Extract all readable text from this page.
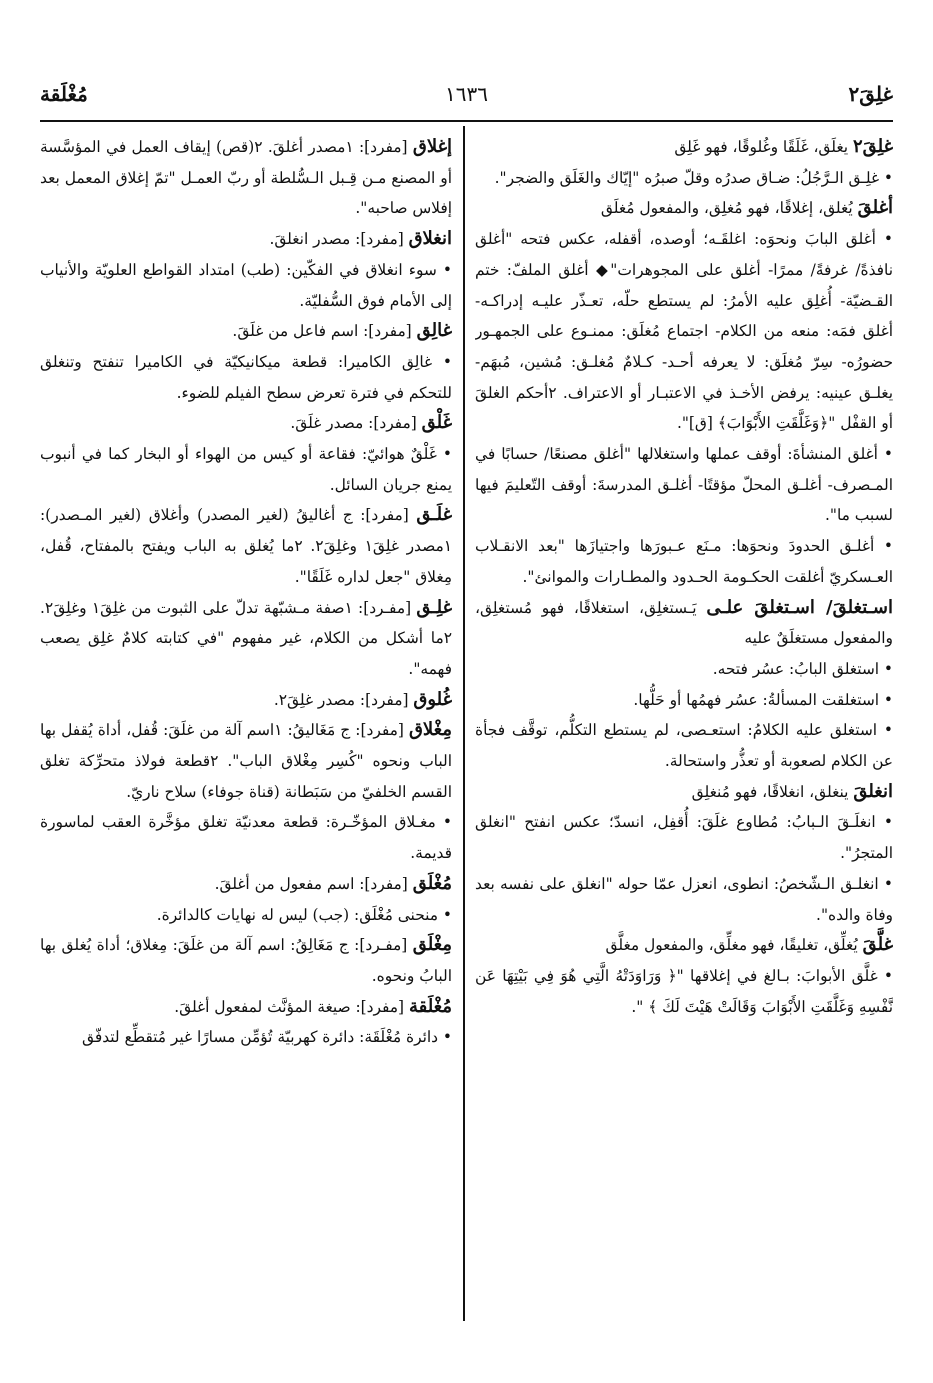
غلِقَ٢
١٦٣٦
مُغْلَقة

غلِقَ٢ يغلَق، غَلَقًا وغُلوقًا، فهو غَلِق

• غلِـق الـرَّجُلُ: ضـاق صدرُه وقلّ صبرُه "إيّاك والغَلَق والضجر".

أغلقَ يُغلق، إغلاقًا، فهو مُغلِق، والمفعول مُغلَق

• أغلق البابَ ونحوَه: اغلقَـه؛ أوصده، أقفله، عكس فتحه "أغلق نافذةً/ غرفةً/ ممرًا- أغلق على المجوهرات"◆ أغلق الملفّ: ختم القـضيّة- أُغلِق عليه الأمرُ: لم يستطع حلّه، تعـذّر عليـه إدراكـه- أغلق فمَه: منعه من الكلام- اجتماع مُغلَق: ممنـوع على الجمهـور حضورُه- سِرّ مُغلَق: لا يعرفه أحـد- كـلامٌ مُغلـق: مُشين، مُبهَم- يغلـق عينيه: يرفض الأخـذ في الاعتبـار أو الاعتراف. ٢أحكم الغلقَ أو القفْل "﴿وَغَلَّقَتِ الأَبْوَابَ﴾ [ق]".

• أغلق المنشأةَ: أوقف عملها واستغلالها "أغلق مصنعًا/ حسابًا في المـصرف- أغلـق المحلّ مؤقتًا- أغلـق المدرسةَ: أوقف التّعليمَ فيها لسبب ما".

• أغلـق الحدودَ ونحوَها: مـنَع عـبورَها واجتيازَها "بعد الانقـلاب العـسكريّ أغلقت الحكـومة الحـدود والمطـارات والموانئ".

اسـتغلقَ/ اسـتغلقَ علـى يَـستغلِق، استغلاقًا، فهو مُستغلِق، والمفعول مستغلَقٌ عليه

• استغلق البابُ: عسُر فتحه.

• استغلقت المسألةُ: عسُر فهمُها أو حَلُّها.

• استغلق عليه الكلامُ: استعـصى، لم يستطع التكلُّم، توقَّف فجأة عن الكلام لصعوبة أو تعذُّر واستحالة.

انغلقَ ينغلق، انغلاقًا، فهو مُنغلِق

• انغلَـقَ الـبابُ: مُطاوع غلَقَ: أُقفِل، انسدّ؛ عكس انفتح "انغلق المتجرُ".

• انغلـق الـشّخصُ: انطوى، انعزل عمّا حوله "انغلق على نفسه بعد وفاة والده".

غلَّقَ يُغلِّق، تغليقًا، فهو مغلِّق، والمفعول مغلَّق

• غلَّق الأبوابَ: بـالغ في إغلاقها "﴿ وَرَاوَدَتْهُ الَّتِي هُوَ فِي بَيْتِهَا عَن نَّفْسِهِ وَغَلَّقَتِ الأَبْوَابَ وَقَالَتْ هَيْتَ لَكَ ﴾ ".

إغلاق [مفرد]: ١مصدر أغلقَ. ٢(قص) إيقاف العمل في المؤسَّسة أو المصنع مـن قِـبل الـسُّلطة أو ربّ العمـل "تمّ إغلاق المعمل بعد إفلاس صاحبه".

انغلاق [مفرد]: مصدر انغلقَ.

• سوء انغلاق في الفكّين: (طب) امتداد القواطع العلويّة والأنياب إلى الأمام فوق السُّفليّة.

غالِق [مفرد]: اسم فاعل من غلَقَ.

• غالِق الكاميرا: قطعة ميكانيكيّة في الكاميرا تنفتح وتنغلق للتحكم في فترة تعرض سطح الفيلم للضوء.

غَلْق [مفرد]: مصدر غلَقَ.

• غَلْقٌ هوائيّ: فقاعة أو كيس من الهواء أو البخار كما في أنبوب يمنع جريان السائل.

غلَـق [مفرد]: ج أغاليقُ (لغير المصدر) وأغلاق (لغير المـصدر): ١مصدر غلِقَ١ وغلِقَ٢. ٢ما يُغلق به الباب ويفتح بالمفتاح، قُفل، مِغلاق "جعل لداره غَلَقًا".

غلِـق [مفـرد]: ١صفة مـشبّهة تدلّ على الثبوت من غلِقَ١ وغلِقَ٢. ٢ما أشكل من الكلام، غير مفهوم "في كتابته كلامٌ غلِق يصعب فهمه".

غُلوق [مفرد]: مصدر غلِقَ٢.

مِغْلاق [مفرد]: ج مَغَاليقُ: ١اسم آلة من غلَقَ: قُفل، أداة يُقفل بها الباب ونحوه "كُسِر مِغْلاق الباب". ٢قطعة فولاذ متحرِّكة تغلق القسم الخلفيّ من سَبَطانة (قناة جوفاء) سلاح ناريّ.

• مغـلاق المؤخّـرة: قطعة معدنيّة تغلق مؤخَّرة العقب لماسورة قديمة.

مُغْلَق [مفرد]: اسم مفعول من أغلقَ.

• منحنى مُغْلَق: (جب) ليس له نهايات كالدائرة.

مِغْلَق [مفـرد]: ج مَغَالِقُ: اسم آلة من غلَقَ: مِغلاق؛ أداة يُغلق بها البابُ ونحوه.

مُغْلَقة [مفرد]: صيغة المؤنَّث لمفعول أغلقَ.

• دائرة مُغْلَقَة: دائرة كهربيّة تُؤمِّن مسارًا غير مُتقطِّع لتدفّق
